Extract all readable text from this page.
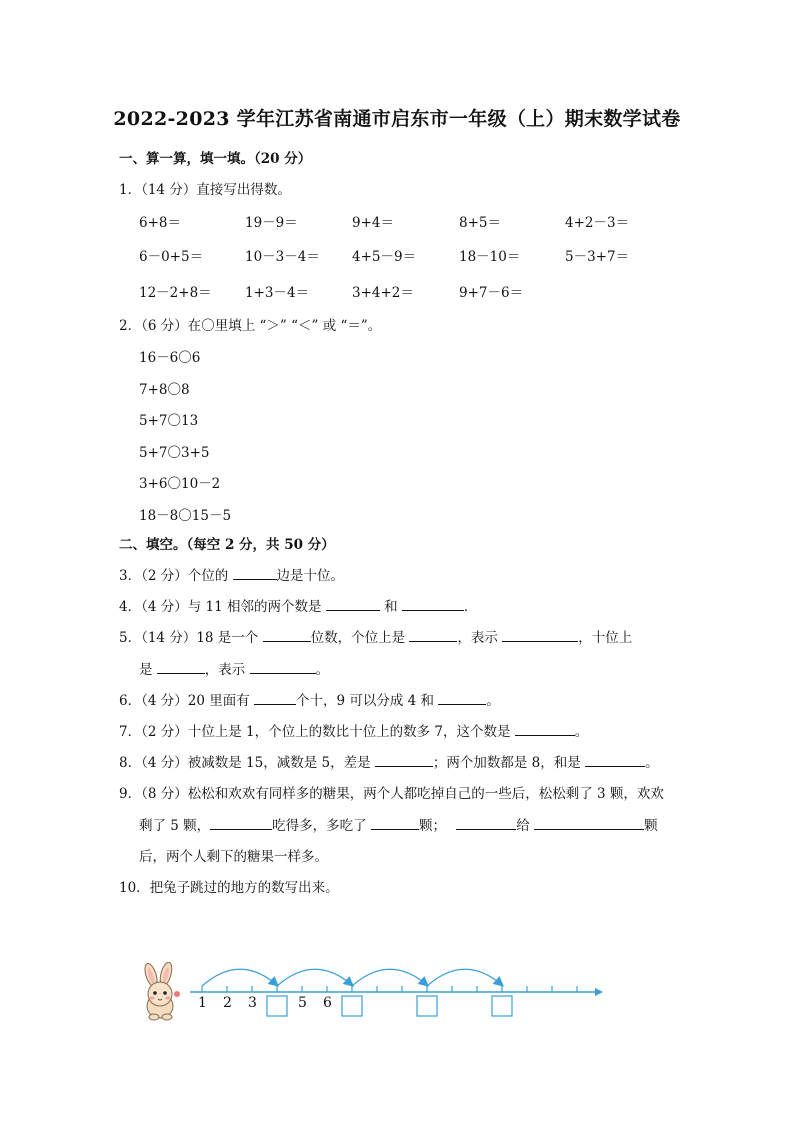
2022-2023 学年江苏省南通市启东市一年级（上）期末数学试卷
一、算一算，填一填。（20 分）
1．（14 分）直接写出得数。
6+8＝	19－9＝	9+4＝	8+5＝	4+2－3＝
6－0+5＝	10－3－4＝ 4+5－9＝	18－10＝	5－3+7＝
12－2+8＝ 1+3－4＝	3+4+2＝	9+7－6＝
2．（6 分）在〇里填上 “＞” “＜” 或 “＝”。
16－6〇6
7+8〇8
5+7〇13
5+7〇3+5
3+6〇10－2
18－8〇15－5
二、填空。（每空 2 分，共 50 分）
3．（2 分）个位的	边是十位。
4．（4 分）与 11 相邻的两个数是	和	．
5．（14 分）18 是一个	位数，个位上是	，表示	，十位上
是	，表示	。
6．（4 分）20 里面有	个十，9 可以分成 4 和	。
7．（2 分）十位上是 1，个位上的数比十位上的数多 7，这个数是	。
8．（4 分）被减数是 15，减数是 5，差是	；两个加数都是 8，和是	。
9．（8 分）松松和欢欢有同样多的糖果，两个人都吃掉自己的一些后，松松剩了 3 颗，欢欢
剩了 5 颗，	吃得多，多吃了	颗；	给	颗
后，两个人剩下的糖果一样多。
10．把兔子跳过的地方的数写出来。
1 2 3	5 6
